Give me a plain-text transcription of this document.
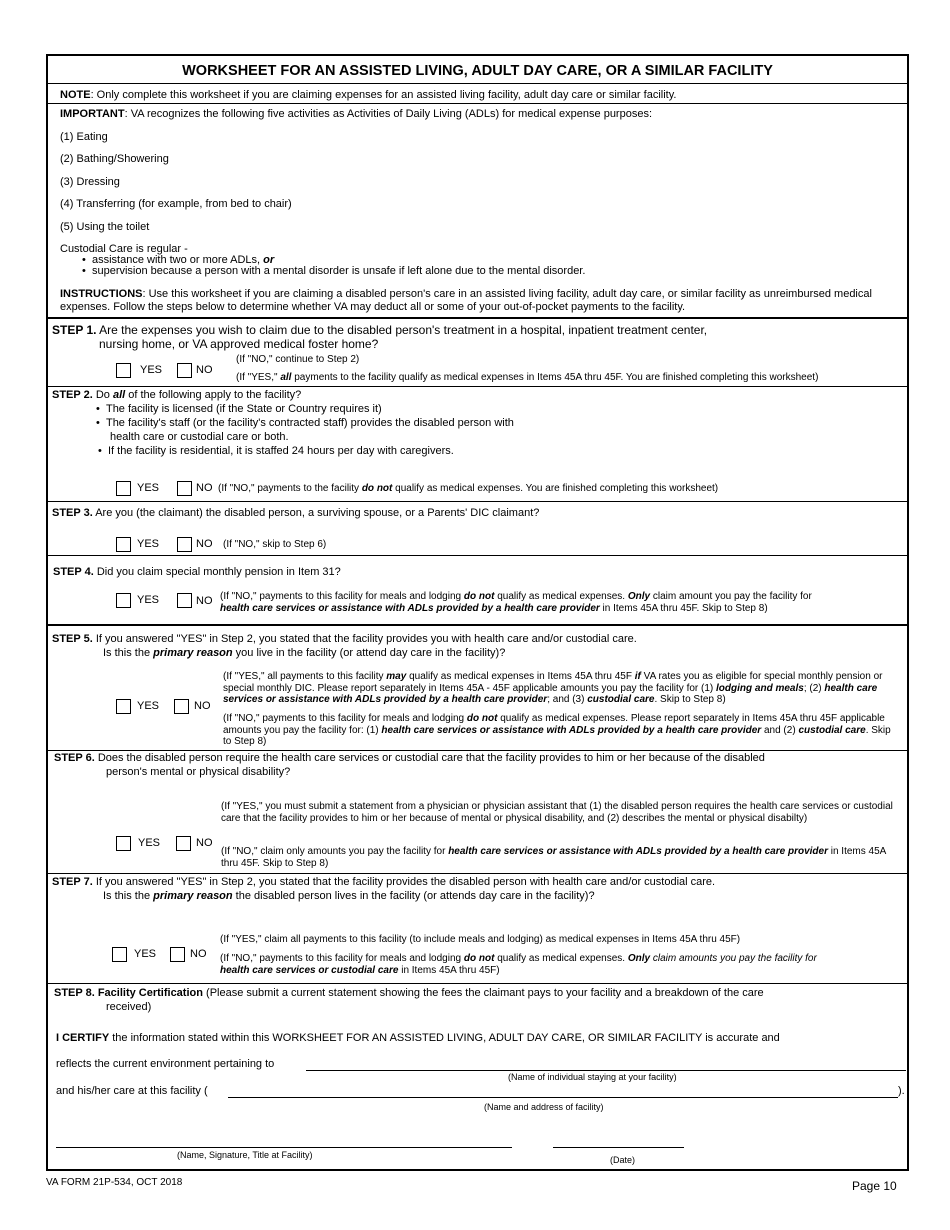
WORKSHEET FOR AN ASSISTED LIVING, ADULT DAY CARE, OR A SIMILAR FACILITY
NOTE: Only complete this worksheet if you are claiming expenses for an assisted living facility, adult day care or similar facility.
IMPORTANT: VA recognizes the following five activities as Activities of Daily Living (ADLs) for medical expense purposes:
(1) Eating
(2) Bathing/Showering
(3) Dressing
(4) Transferring (for example, from bed to chair)
(5) Using the toilet
Custodial Care is regular -
•  assistance with two or more ADLs, or
•  supervision because a person with a mental disorder is unsafe if left alone due to the mental disorder.
INSTRUCTIONS: Use this worksheet if you are claiming a disabled person's care in an assisted living facility, adult day care, or similar facility as unreimbursed medical expenses. Follow the steps below to determine whether VA may deduct all or some of your out-of-pocket payments to the facility.
STEP 1. Are the expenses you wish to claim due to the disabled person's treatment in a hospital, inpatient treatment center,
nursing home, or VA approved medical foster home?
(If "NO," continue to Step 2)
YES	NO
(If "YES," all payments to the facility qualify as medical expenses in Items 45A thru 45F. You are finished completing this worksheet)
STEP 2. Do all of the following apply to the facility?
•  The facility is licensed (if the State or Country requires it)
•  The facility's staff (or the facility's contracted staff) provides the disabled person with
health care or custodial care or both.
•  If the facility is residential, it is staffed 24 hours per day with caregivers.
YES	NO (If "NO," payments to the facility do not qualify as medical expenses. You are finished completing this worksheet)
STEP 3. Are you (the claimant) the disabled person, a surviving spouse, or a Parents' DIC claimant?
YES	NO (If "NO," skip to Step 6)
STEP 4. Did you claim special monthly pension in Item 31?
YES	NO (If "NO," payments to this facility for meals and lodging do not qualify as medical expenses. Only claim amount you pay the facility for
health care services or assistance with ADLs provided by a health care provider in Items 45A thru 45F. Skip to Step 8)
STEP 5. If you answered "YES" in Step 2, you stated that the facility provides you with health care and/or custodial care.
Is this the primary reason you live in the facility (or attend day care in the facility)?
(If "YES," all payments to this facility may qualify as medical expenses in Items 45A thru 45F if VA rates you as eligible for special monthly pension or special monthly DIC. Please report separately in Items 45A - 45F applicable amounts you pay the facility for (1) lodging and meals; (2) health care services or assistance with ADLs provided by a health care provider; and (3) custodial care. Skip to Step 8)
YES	NO
(If "NO," payments to this facility for meals and lodging do not qualify as medical expenses. Please report separately in Items 45A thru 45F applicable amounts you pay the facility for: (1) health care services or assistance with ADLs provided by a health care provider and (2) custodial care. Skip to Step 8)
STEP 6. Does the disabled person require the health care services or custodial care that the facility provides to him or her because of the disabled
person's mental or physical disability?
(If "YES," you must submit a statement from a physician or physician assistant that (1) the disabled person requires the health care services or custodial care that the facility provides to him or her because of mental or physical disability, and (2) describes the mental or physical disabilty)
YES	NO
(If "NO," claim only amounts you pay the facility for health care services or assistance with ADLs provided by a health care provider in Items 45A thru 45F. Skip to Step 8)
STEP 7. If you answered "YES" in Step 2, you stated that the facility provides the disabled person with health care and/or custodial care.
Is this the primary reason the disabled person lives in the facility (or attends day care in the facility)?
(If "YES," claim all payments to this facility (to include meals and lodging) as medical expenses in Items 45A thru 45F)
YES	NO (If "NO," payments to this facility for meals and lodging do not qualify as medical expenses. Only claim amounts you pay the facility for
health care services or custodial care in Items 45A thru 45F)
STEP 8. Facility Certification (Please submit a current statement showing the fees the claimant pays to your facility and a breakdown of the care
received)
I CERTIFY the information stated within this WORKSHEET FOR AN ASSISTED LIVING, ADULT DAY CARE, OR SIMILAR FACILITY is accurate and
reflects the current environment pertaining to
(Name of individual staying at your facility)
and his/her care at this facility (	).
(Name and address of facility)
(Name, Signature, Title at Facility)	(Date)
VA FORM 21P-534, OCT 2018	Page 10
